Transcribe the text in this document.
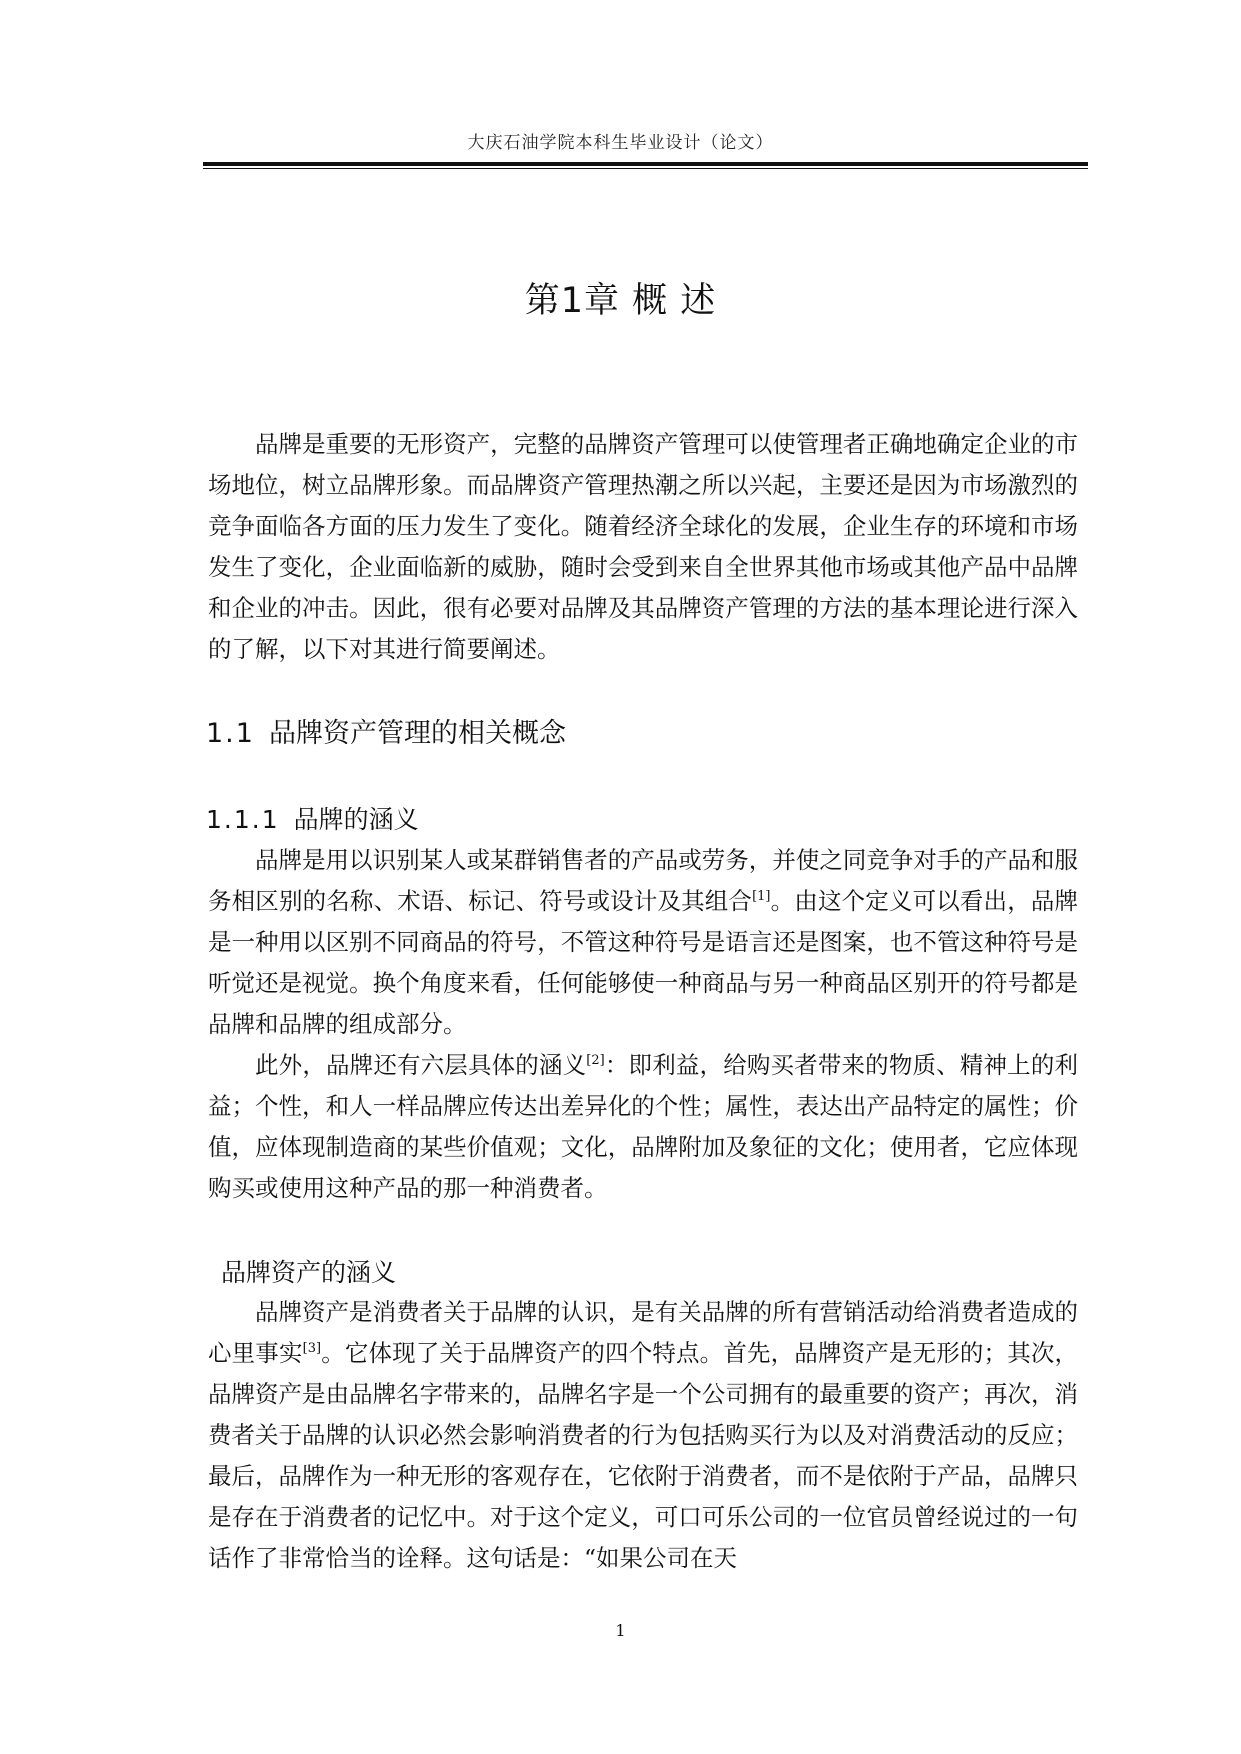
大庆石油学院本科生毕业设计（论文）
第1章 概 述

品牌是重要的无形资产，完整的品牌资产管理可以使管理者正确地确定企业的市场地位，树立品牌形象。而品牌资产管理热潮之所以兴起，主要还是因为市场激烈的竞争面临各方面的压力发生了变化。随着经济全球化的发展，企业生存的环境和市场发生了变化，企业面临新的威胁，随时会受到来自全世界其他市场或其他产品中品牌和企业的冲击。因此，很有必要对品牌及其品牌资产管理的方法的基本理论进行深入的了解，以下对其进行简要阐述。

1.1 品牌资产管理的相关概念
1.1.1 品牌的涵义

品牌是用以识别某人或某群销售者的产品或劳务，并使之同竞争对手的产品和服务相区别的名称、术语、标记、符号或设计及其组合[1]。由这个定义可以看出，品牌是一种用以区别不同商品的符号，不管这种符号是语言还是图案，也不管这种符号是听觉还是视觉。换个角度来看，任何能够使一种商品与另一种商品区别开的符号都是品牌和品牌的组成部分。

此外，品牌还有六层具体的涵义[2]：即利益，给购买者带来的物质、精神上的利益；个性，和人一样品牌应传达出差异化的个性；属性，表达出产品特定的属性；价值，应体现制造商的某些价值观；文化，品牌附加及象征的文化；使用者，它应体现购买或使用这种产品的那一种消费者。

品牌资产的涵义

品牌资产是消费者关于品牌的认识，是有关品牌的所有营销活动给消费者造成的心里事实[3]。它体现了关于品牌资产的四个特点。首先，品牌资产是无形的；其次，品牌资产是由品牌名字带来的，品牌名字是一个公司拥有的最重要的资产；再次，消费者关于品牌的认识必然会影响消费者的行为包括购买行为以及对消费活动的反应；最后，品牌作为一种无形的客观存在，它依附于消费者，而不是依附于产品，品牌只是存在于消费者的记忆中。对于这个定义，可口可乐公司的一位官员曾经说过的一句话作了非常恰当的诠释。这句话是：“如果公司在天

1
